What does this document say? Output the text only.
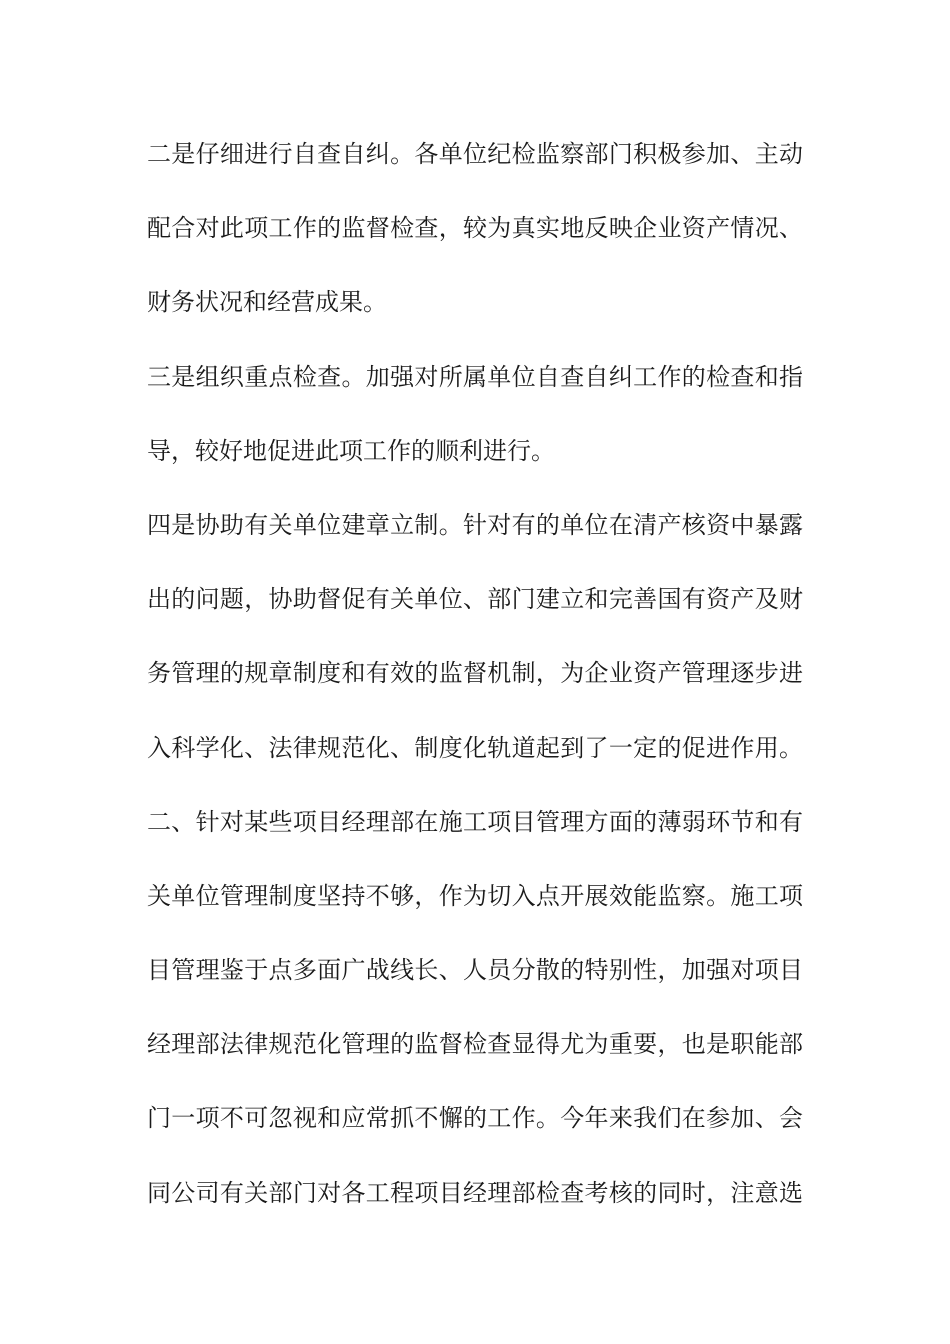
二是仔细进行自查自纠。各单位纪检监察部门积极参加、主动
配合对此项工作的监督检查，较为真实地反映企业资产情况、
财务状况和经营成果。
三是组织重点检查。加强对所属单位自查自纠工作的检查和指
导，较好地促进此项工作的顺利进行。
四是协助有关单位建章立制。针对有的单位在清产核资中暴露
出的问题，协助督促有关单位、部门建立和完善国有资产及财
务管理的规章制度和有效的监督机制，为企业资产管理逐步进
入科学化、法律规范化、制度化轨道起到了一定的促进作用。
二、针对某些项目经理部在施工项目管理方面的薄弱环节和有
关单位管理制度坚持不够，作为切入点开展效能监察。施工项
目管理鉴于点多面广战线长、人员分散的特别性，加强对项目
经理部法律规范化管理的监督检查显得尤为重要，也是职能部
门一项不可忽视和应常抓不懈的工作。今年来我们在参加、会
同公司有关部门对各工程项目经理部检查考核的同时，注意选
